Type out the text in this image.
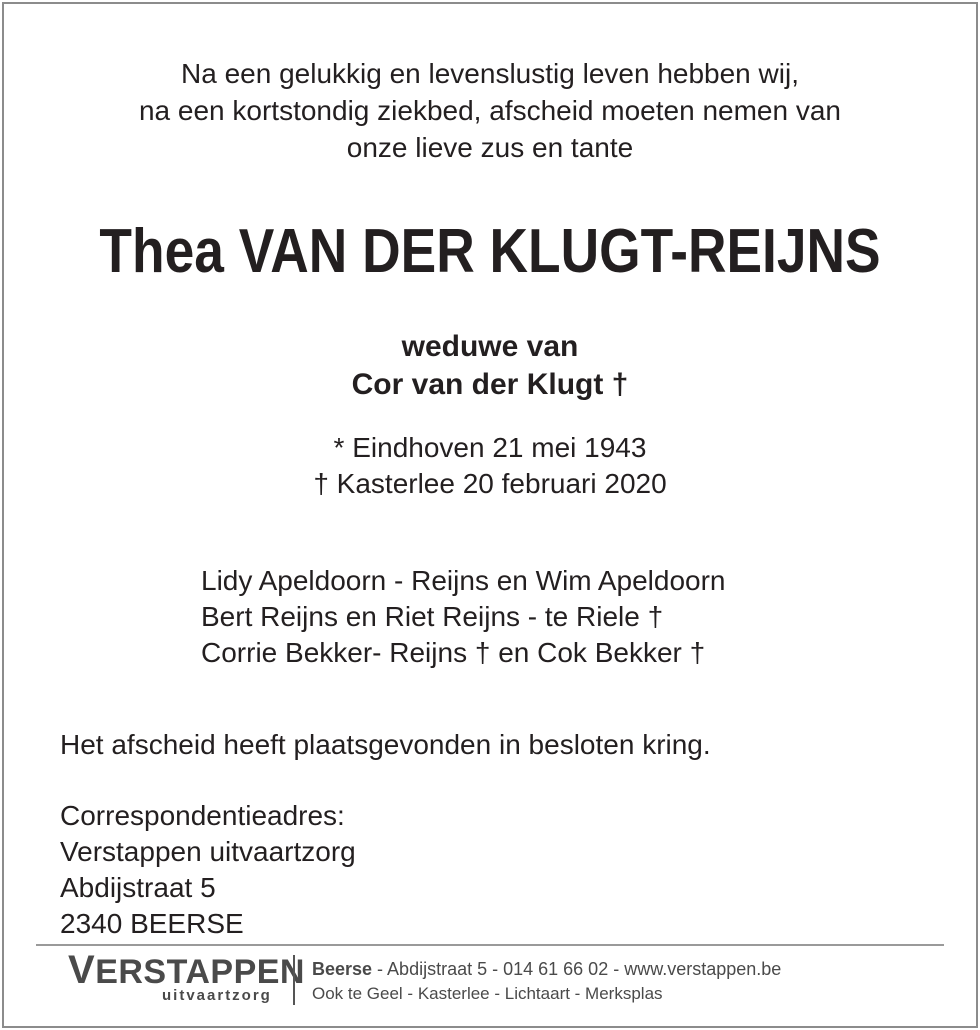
Na een gelukkig en levenslustig leven hebben wij,
na een kortstondig ziekbed, afscheid moeten nemen van
onze lieve zus en tante
Thea VAN DER KLUGT-REIJNS
weduwe van
Cor van der Klugt †
* Eindhoven 21 mei 1943
† Kasterlee 20 februari 2020
Lidy Apeldoorn - Reijns en Wim Apeldoorn
Bert Reijns en Riet Reijns - te Riele †
Corrie Bekker- Reijns † en Cok Bekker †
Het afscheid heeft plaatsgevonden in besloten kring.
Correspondentieadres:
Verstappen uitvaartzorg
Abdijstraat 5
2340 BEERSE
VERSTAPPEN
uitvaartzorg
Beerse - Abdijstraat 5 - 014 61 66 02 - www.verstappen.be
Ook te Geel - Kasterlee - Lichtaart - Merksplas
